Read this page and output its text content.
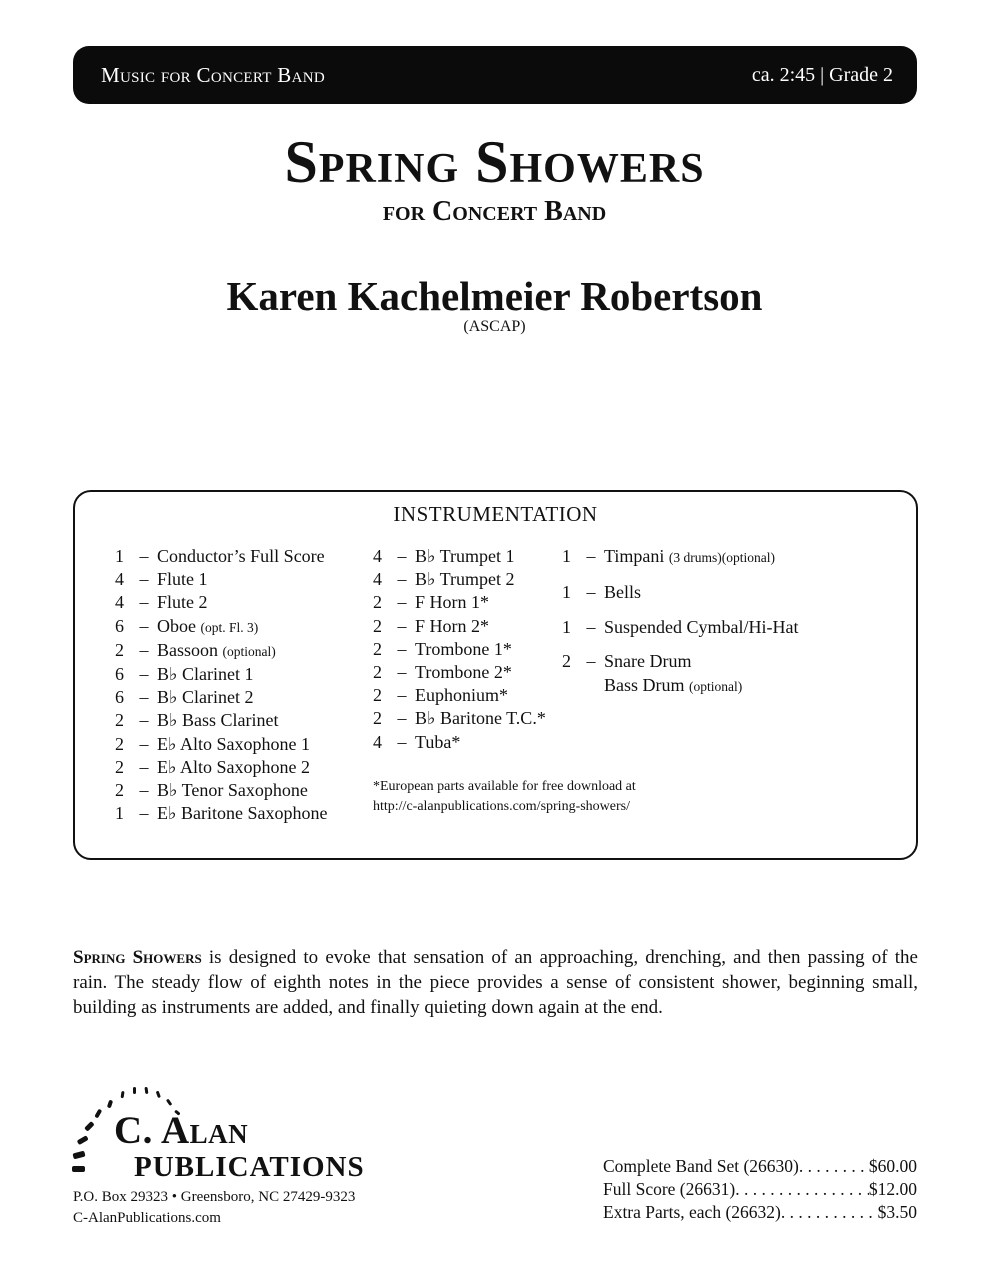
Music for Concert Band	ca. 2:45 | Grade 2
Spring Showers
for Concert Band
Karen Kachelmeier Robertson
(ASCAP)
INSTRUMENTATION
1 – Conductor’s Full Score
4 – Flute 1
4 – Flute 2
6 – Oboe (opt. Fl. 3)
2 – Bassoon (optional)
6 – B♭ Clarinet 1
6 – B♭ Clarinet 2
2 – B♭ Bass Clarinet
2 – E♭ Alto Saxophone 1
2 – E♭ Alto Saxophone 2
2 – B♭ Tenor Saxophone
1 – E♭ Baritone Saxophone
4 – B♭ Trumpet 1
4 – B♭ Trumpet 2
2 – F Horn 1*
2 – F Horn 2*
2 – Trombone 1*
2 – Trombone 2*
2 – Euphonium*
2 – B♭ Baritone T.C.*
4 – Tuba*
1 – Timpani (3 drums)(optional)
1 – Bells
1 – Suspended Cymbal/Hi-Hat
2 – Snare Drum
Bass Drum (optional)
*European parts available for free download at
http://c-alanpublications.com/spring-showers/
Spring Showers is designed to evoke that sensation of an approaching, drenching, and then passing of the rain. The steady flow of eighth notes in the piece provides a sense of consistent shower, beginning small, building as instruments are added, and finally quieting down again at the end.
C. Alan
PUBLICATIONS
P.O. Box 29323 • Greensboro, NC 27429-9323
C-AlanPublications.com
Complete Band Set (26630) . . .	$60.00
Full Score (26631) . . .	$12.00
Extra Parts, each (26632) . . .	$3.50
